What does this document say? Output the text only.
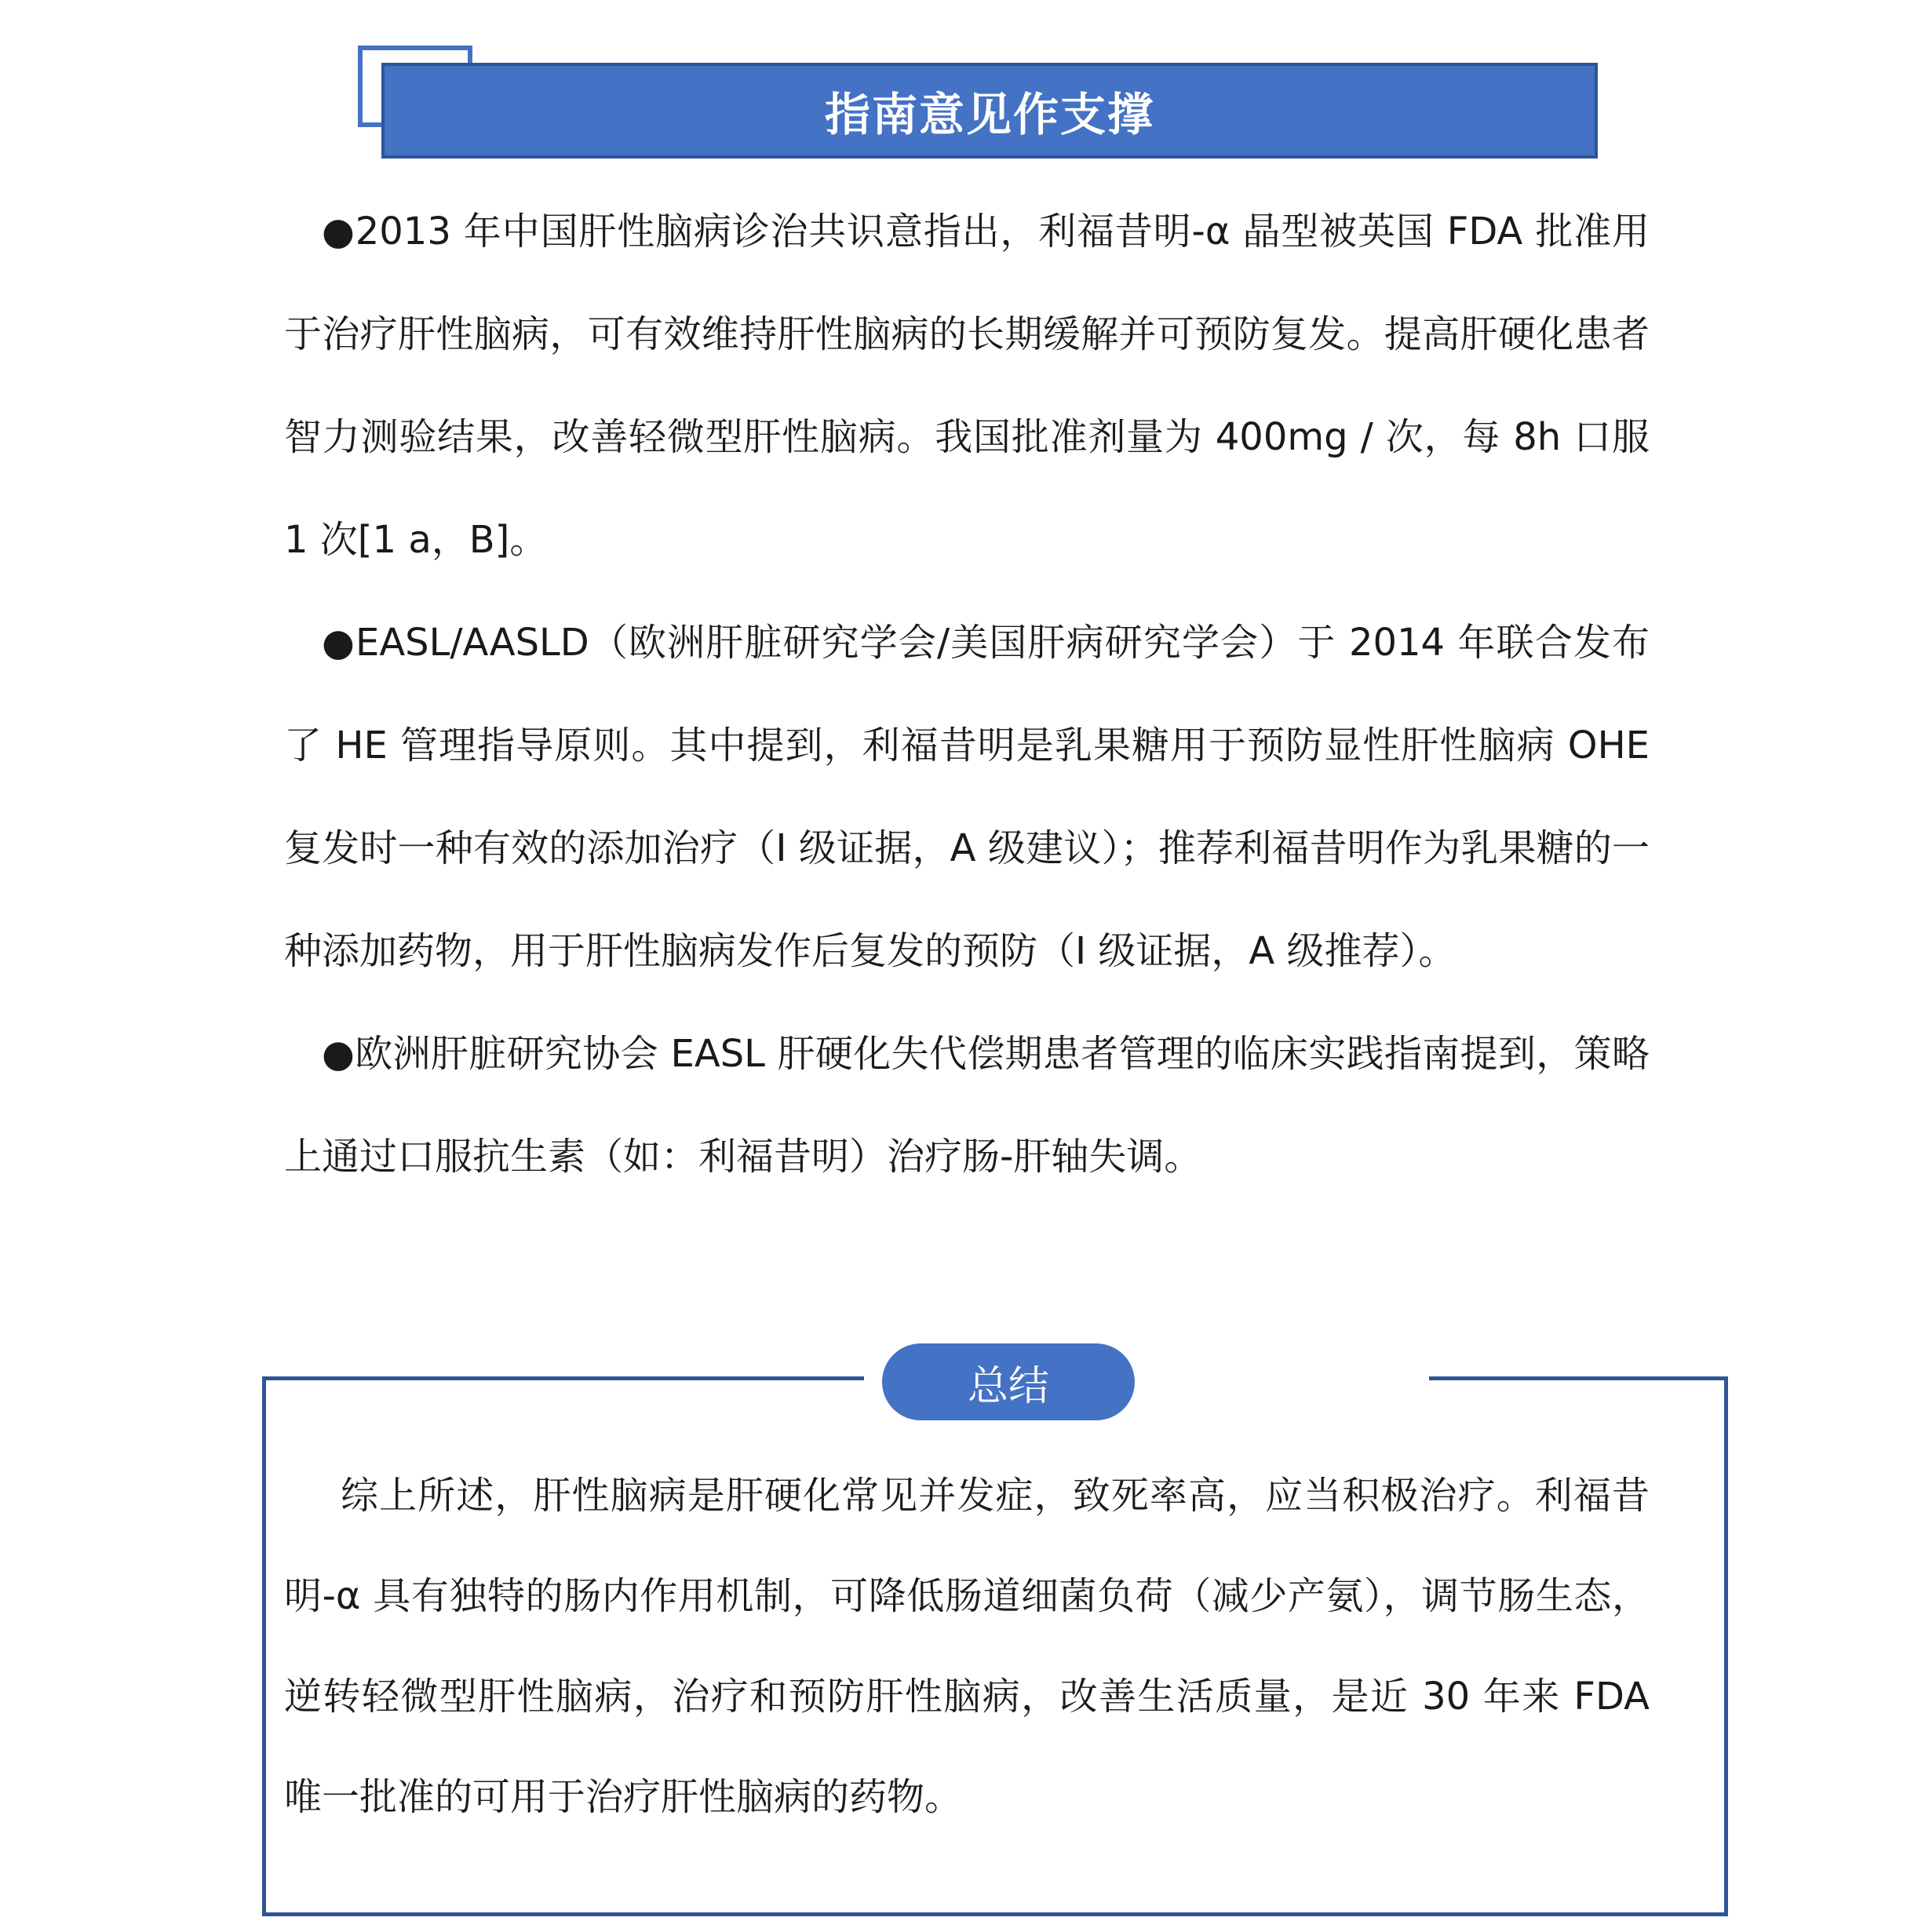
指南意见作支撑

●2013 年中国肝性脑病诊治共识意指出，利福昔明-α 晶型被英国 FDA 批准用于治疗肝性脑病，可有效维持肝性脑病的长期缓解并可预防复发。提高肝硬化患者智力测验结果，改善轻微型肝性脑病。我国批准剂量为 400mg / 次，每 8h 口服 1 次[1 a，B]。

●EASL/AASLD（欧洲肝脏研究学会/美国肝病研究学会）于 2014 年联合发布了 HE 管理指导原则。其中提到，利福昔明是乳果糖用于预防显性肝性脑病 OHE 复发时一种有效的添加治疗（I 级证据，A 级建议）；推荐利福昔明作为乳果糖的一种添加药物，用于肝性脑病发作后复发的预防（I 级证据，A 级推荐）。

●欧洲肝脏研究协会 EASL 肝硬化失代偿期患者管理的临床实践指南提到，策略上通过口服抗生素（如：利福昔明）治疗肠-肝轴失调。

总结

综上所述，肝性脑病是肝硬化常见并发症，致死率高，应当积极治疗。利福昔明-α 具有独特的肠内作用机制，可降低肠道细菌负荷（减少产氨），调节肠生态，逆转轻微型肝性脑病，治疗和预防肝性脑病，改善生活质量，是近 30 年来 FDA 唯一批准的可用于治疗肝性脑病的药物。
